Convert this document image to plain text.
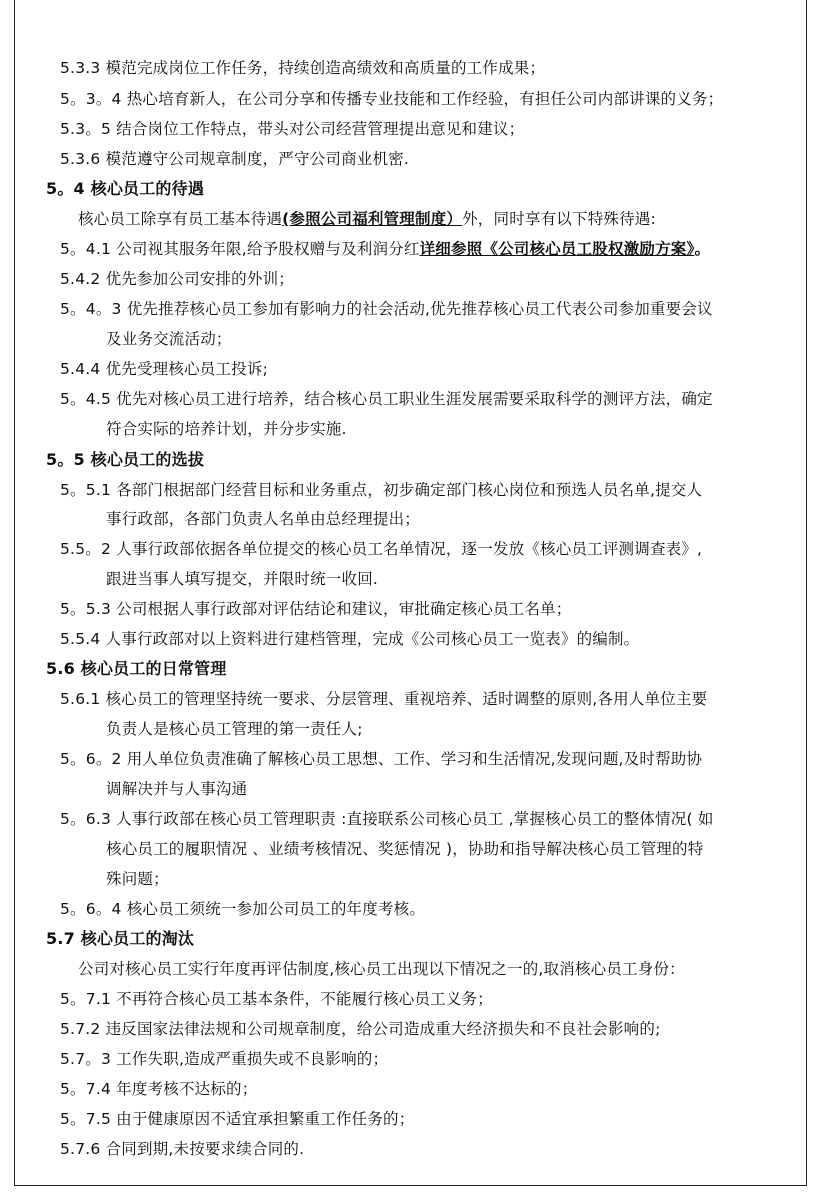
5.3.3 模范完成岗位工作任务，持续创造高绩效和高质量的工作成果；
5。3。4 热心培育新人，在公司分享和传播专业技能和工作经验，有担任公司内部讲课的义务；
5.3。5 结合岗位工作特点，带头对公司经营管理提出意见和建议；
5.3.6 模范遵守公司规章制度，严守公司商业机密.
5。4 核心员工的待遇
核心员工除享有员工基本待遇(参照公司福利管理制度）外，同时享有以下特殊待遇:
5。4.1 公司视其服务年限,给予股权赠与及利润分红详细参照《公司核心员工股权激励方案》。
5.4.2 优先参加公司安排的外训；
5。4。3 优先推荐核心员工参加有影响力的社会活动,优先推荐核心员工代表公司参加重要会议
及业务交流活动；
5.4.4 优先受理核心员工投诉;
5。4.5 优先对核心员工进行培养，结合核心员工职业生涯发展需要采取科学的测评方法，确定
符合实际的培养计划，并分步实施.
5。5 核心员工的选拔
5。5.1 各部门根据部门经营目标和业务重点，初步确定部门核心岗位和预选人员名单,提交人
事行政部，各部门负责人名单由总经理提出；
5.5。2 人事行政部依据各单位提交的核心员工名单情况，逐一发放《核心员工评测调查表》,
跟进当事人填写提交，并限时统一收回.
5。5.3 公司根据人事行政部对评估结论和建议，审批确定核心员工名单；
5.5.4 人事行政部对以上资料进行建档管理，完成《公司核心员工一览表》的编制。
5.6 核心员工的日常管理
5.6.1 核心员工的管理坚持统一要求、分层管理、重视培养、适时调整的原则,各用人单位主要
负责人是核心员工管理的第一责任人;
5。6。2 用人单位负责准确了解核心员工思想、工作、学习和生活情况,发现问题,及时帮助协
调解决并与人事沟通
5。6.3 人事行政部在核心员工管理职责 :直接联系公司核心员工 ,掌握核心员工的整体情况( 如
核心员工的履职情况 、业绩考核情况、奖惩情况 )，协助和指导解决核心员工管理的特
殊问题；
5。6。4 核心员工须统一参加公司员工的年度考核。
5.7 核心员工的淘汰
公司对核心员工实行年度再评估制度,核心员工出现以下情况之一的,取消核心员工身份：
5。7.1 不再符合核心员工基本条件，不能履行核心员工义务；
5.7.2 违反国家法律法规和公司规章制度，给公司造成重大经济损失和不良社会影响的;
5.7。3 工作失职,造成严重损失或不良影响的；
5。7.4 年度考核不达标的；
5。7.5 由于健康原因不适宜承担繁重工作任务的；
5.7.6 合同到期,未按要求续合同的.
